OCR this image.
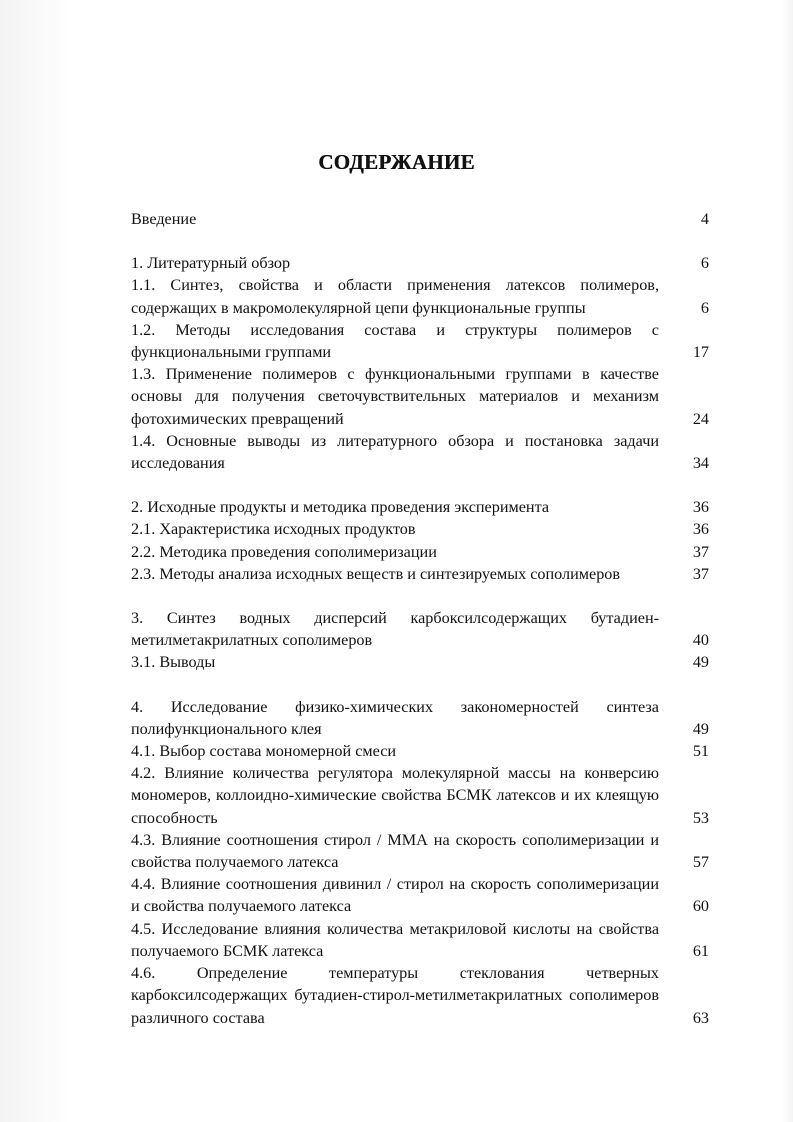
СОДЕРЖАНИЕ
Введение	4
1. Литературный обзор	6
1.1. Синтез, свойства и области применения латексов полимеров, содержащих в макромолекулярной цепи функциональные группы	6
1.2. Методы исследования состава и структуры полимеров с функциональными группами	17
1.3. Применение полимеров с функциональными группами в качестве основы для получения светочувствительных материалов и механизм фотохимических превращений	24
1.4. Основные выводы из литературного обзора и постановка задачи исследования	34
2. Исходные продукты и методика проведения эксперимента	36
2.1. Характеристика исходных продуктов	36
2.2. Методика проведения сополимеризации	37
2.3. Методы анализа исходных веществ и синтезируемых сополимеров	37
3. Синтез водных дисперсий карбоксилсодержащих бутадиен-метилметакрилатных сополимеров	40
3.1. Выводы	49
4. Исследование физико-химических закономерностей синтеза полифункционального клея	49
4.1. Выбор состава мономерной смеси	51
4.2. Влияние количества регулятора молекулярной массы на конверсию мономеров, коллоидно-химические свойства БСМК латексов и их клеящую способность	53
4.3. Влияние соотношения стирол / ММА на скорость сополимеризации и свойства получаемого латекса	57
4.4. Влияние соотношения дивинил / стирол на скорость сополимеризации и свойства получаемого латекса	60
4.5. Исследование влияния количества метакриловой кислоты на свойства получаемого БСМК латекса	61
4.6. Определение температуры стеклования четверных карбоксилсодержащих бутадиен-стирол-метилметакрилатных сополимеров различного состава	63
